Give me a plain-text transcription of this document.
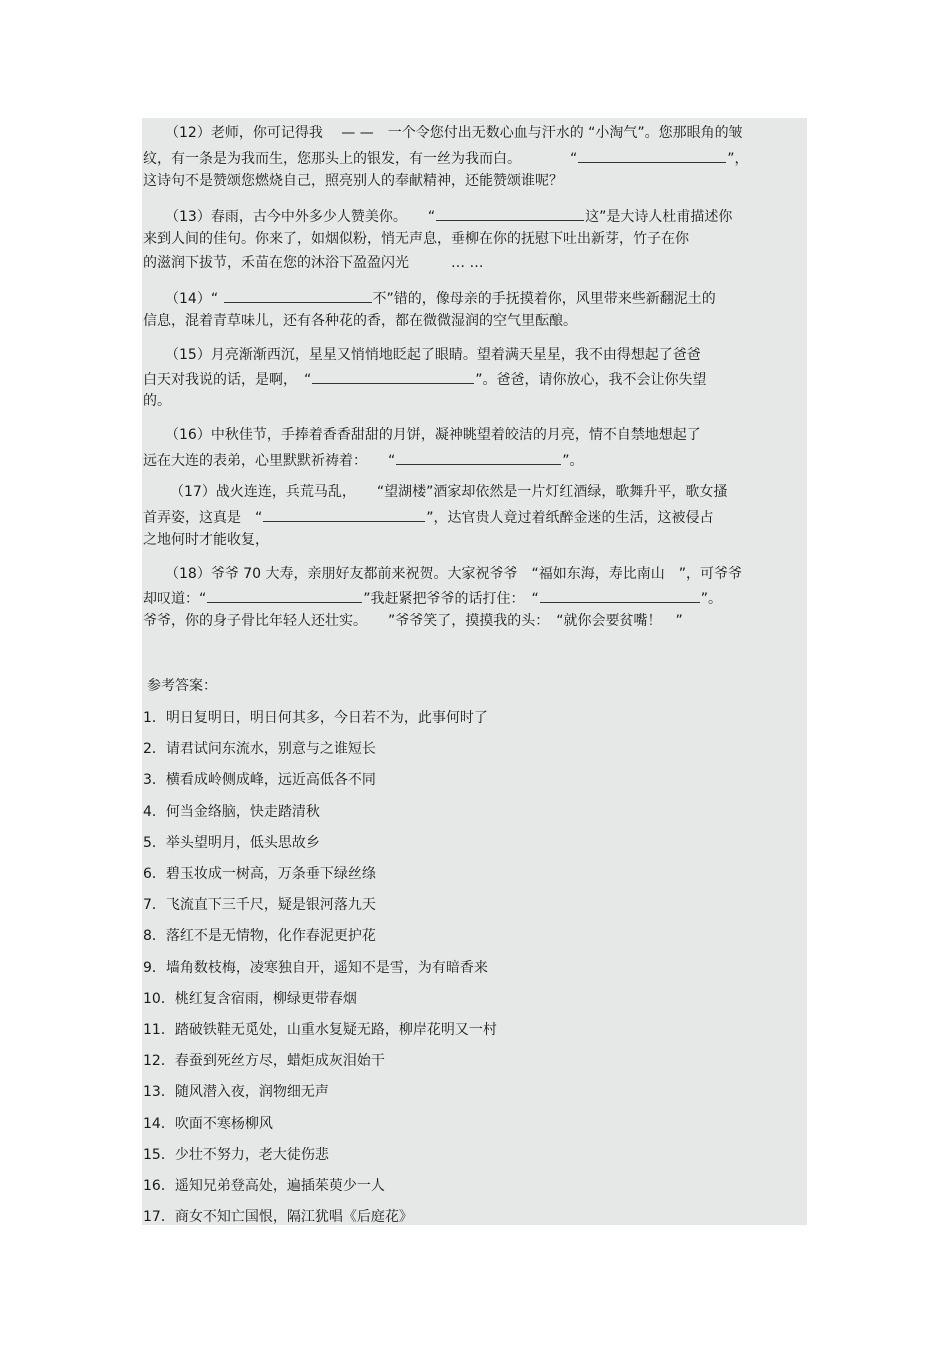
（12）老师，你可记得我 　— —　一个令您付出无数心血与汗水的 “小淘气”。您那眼角的皱
纹，有一条是为我而生，您那头上的银发，有一丝为我而白。　　　　“	”，
这诗句不是赞颂您燃烧自己，照亮别人的奉献精神，还能赞颂谁呢？
（13）春雨，古今中外多少人赞美你。　　“	这”是大诗人杜甫描述你
来到人间的佳句。你来了，如烟似粉，悄无声息，垂柳在你的抚慰下吐出新芽，竹子在你
的滋润下拔节，禾苗在您的沐浴下盈盈闪光　　　… …
（14）“	不”错的，像母亲的手抚摸着你，风里带来些新翻泥土的
信息，混着青草味儿，还有各种花的香，都在微微湿润的空气里酝酿。
（15）月亮渐渐西沉，星星又悄悄地眨起了眼睛。望着满天星星，我不由得想起了爸爸
白天对我说的话，是啊，　“	”。爸爸，请你放心，我不会让你失望
的。
（16）中秋佳节，手捧着香香甜甜的月饼，凝神眺望着皎洁的月亮，情不自禁地想起了
远在大连的表弟，心里默默祈祷着：　　“	”。
（17）战火连连，兵荒马乱，　　“望湖楼”酒家却依然是一片灯红酒绿，歌舞升平，歌女搔
首弄姿，这真是　“	”，达官贵人竟过着纸醉金迷的生活，这被侵占
之地何时才能收复，
（18）爷爷 70 大寿，亲朋好友都前来祝贺。大家祝爷爷　“福如东海，寿比南山　”，可爷爷
却叹道：“	”我赶紧把爷爷的话打住：　“	”。
爷爷，你的身子骨比年轻人还壮实。　　”爷爷笑了，摸摸我的头：　“就你会要贫嘴！　”
参考答案：
1．明日复明日，明日何其多，今日若不为，此事何时了
2．请君试问东流水，别意与之谁短长
3．横看成岭侧成峰，远近高低各不同
4．何当金络脑，快走踏清秋
5．举头望明月，低头思故乡
6．碧玉妆成一树高，万条垂下绿丝绦
7．飞流直下三千尺，疑是银河落九天
8．落红不是无情物，化作春泥更护花
9．墙角数枝梅，凌寒独自开，遥知不是雪，为有暗香来
10．桃红复含宿雨，柳绿更带春烟
11．踏破铁鞋无觅处，山重水复疑无路，柳岸花明又一村
12．春蚕到死丝方尽，蜡炬成灰泪始干
13．随风潜入夜，润物细无声
14．吹面不寒杨柳风
15．少壮不努力，老大徒伤悲
16．遥知兄弟登高处，遍插茱萸少一人
17．商女不知亡国恨，隔江犹唱《后庭花》
